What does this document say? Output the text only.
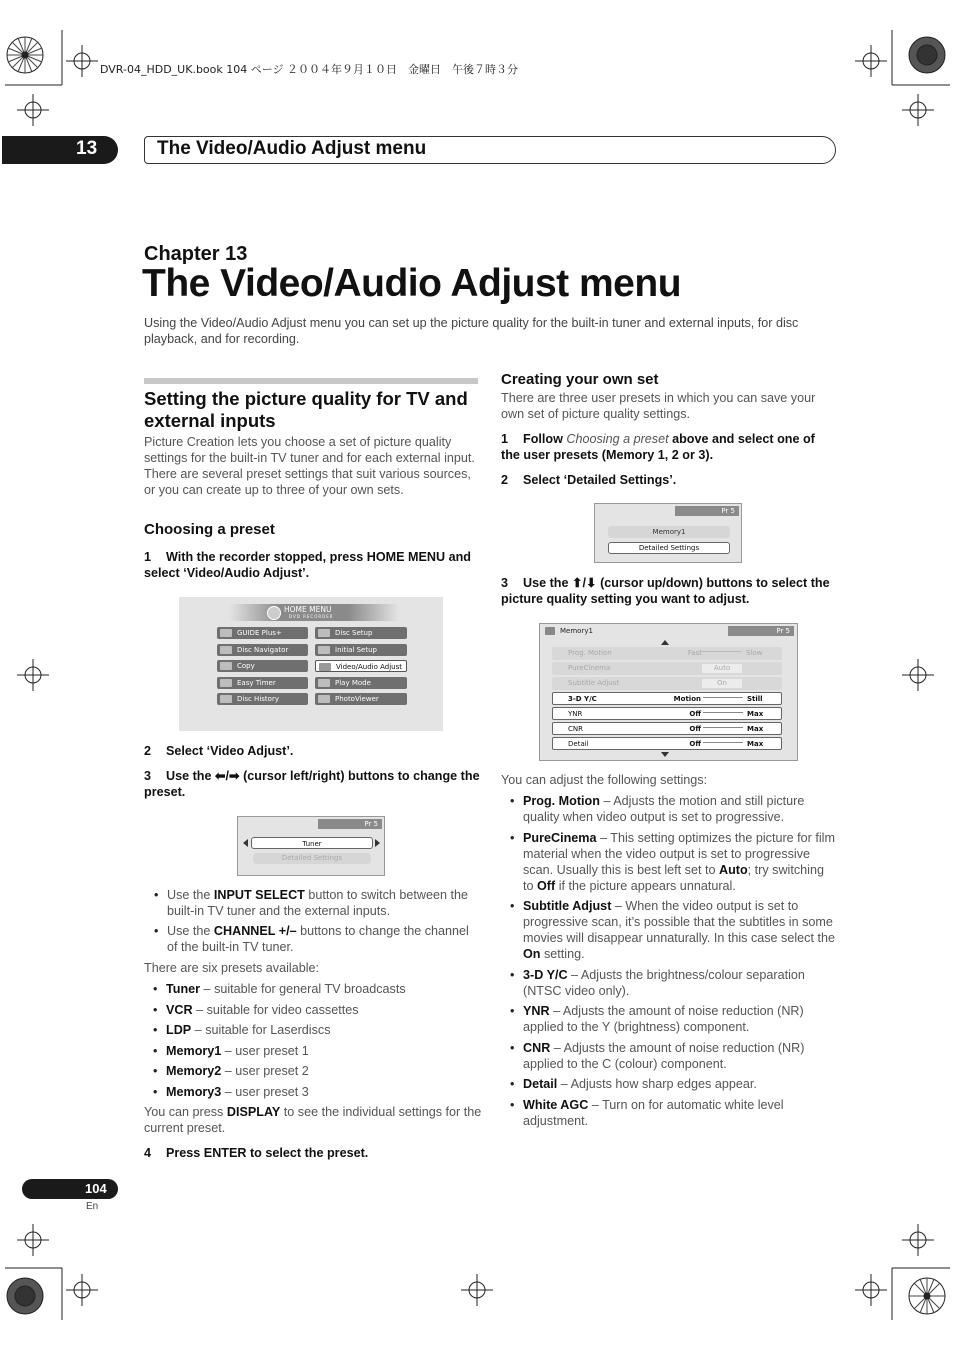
DVR-04_HDD_UK.book 104 ページ ２００４年９月１０日　金曜日　午後７時３分
13	The Video/Audio Adjust menu
Chapter 13
The Video/Audio Adjust menu
Using the Video/Audio Adjust menu you can set up the picture quality for the built-in tuner and external inputs, for disc playback, and for recording.
Setting the picture quality for TV and external inputs
Picture Creation lets you choose a set of picture quality settings for the built-in TV tuner and for each external input. There are several preset settings that suit various sources, or you can create up to three of your own sets.
Choosing a preset
1 With the recorder stopped, press HOME MENU and select ‘Video/Audio Adjust’.
HOME MENU
DVD RECORDER
GUIDE Plus+
Disc Navigator
Copy
Easy Timer
Disc History
Disc Setup
Initial Setup
Video/Audio Adjust
Play Mode
PhotoViewer
2 Select ‘Video Adjust’.
3 Use the ⬅/➡ (cursor left/right) buttons to change the preset.
Pr 5
Tuner
Detailed Settings
• Use the INPUT SELECT button to switch between the built-in TV tuner and the external inputs.
• Use the CHANNEL +/– buttons to change the channel of the built-in TV tuner.
There are six presets available:
• Tuner – suitable for general TV broadcasts
• VCR – suitable for video cassettes
• LDP – suitable for Laserdiscs
• Memory1 – user preset 1
• Memory2 – user preset 2
• Memory3 – user preset 3
You can press DISPLAY to see the individual settings for the current preset.
4 Press ENTER to select the preset.
Creating your own set
There are three user presets in which you can save your own set of picture quality settings.
1 Follow Choosing a preset above and select one of the user presets (Memory 1, 2 or 3).
2 Select ‘Detailed Settings’.
Pr 5
Memory1
Detailed Settings
3 Use the ⬆/⬇ (cursor up/down) buttons to select the picture quality setting you want to adjust.
Memory1	Pr 5
Prog. Motion	Fast	Slow
PureCinema	Auto
Subtitle Adjust	On
3-D Y/C	Motion	Still
YNR	Off	Max
CNR	Off	Max
Detail	Off	Max
You can adjust the following settings:
• Prog. Motion – Adjusts the motion and still picture quality when video output is set to progressive.
• PureCinema – This setting optimizes the picture for film material when the video output is set to progressive scan. Usually this is best left set to Auto; try switching to Off if the picture appears unnatural.
• Subtitle Adjust – When the video output is set to progressive scan, it’s possible that the subtitles in some movies will disappear unnaturally. In this case select the On setting.
• 3-D Y/C – Adjusts the brightness/colour separation (NTSC video only).
• YNR – Adjusts the amount of noise reduction (NR) applied to the Y (brightness) component.
• CNR – Adjusts the amount of noise reduction (NR) applied to the C (colour) component.
• Detail – Adjusts how sharp edges appear.
• White AGC – Turn on for automatic white level adjustment.
104
En
